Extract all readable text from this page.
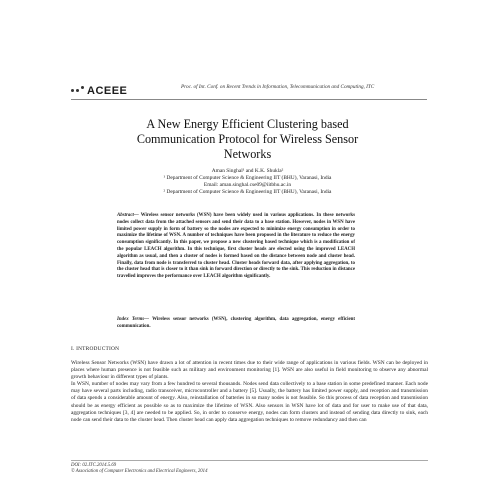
ACEEE	Proc. of Int. Conf. on Recent Trends in Information, Telecommunication and Computing, ITC
A New Energy Efficient Clustering based
Communication Protocol for Wireless Sensor
Networks
Aman Singhal¹ and K.K. Shukla²
¹ Department of Computer Science & Engineering IIT (BHU), Varanasi, India
Email: aman.singhal.cse09@iitbhu.ac.in
² Department of Computer Science & Engineering IIT (BHU), Varanasi, India
Abstract— Wireless sensor networks (WSN) have been widely used in various applications. In these networks nodes collect data from the attached sensors and send their data to a base station. However, nodes in WSN have limited power supply in form of battery so the nodes are expected to minimize energy consumption in order to maximize the lifetime of WSN. A number of techniques have been proposed in the literature to reduce the energy consumption significantly. In this paper, we propose a new clustering based technique which is a modification of the popular LEACH algorithm. In this technique, first cluster heads are elected using the improved LEACH algorithm as usual, and then a cluster of nodes is formed based on the distance between node and cluster head. Finally, data from node is transferred to cluster head. Cluster heads forward data, after applying aggregation, to the cluster head that is closer to it than sink in forward direction or directly to the sink. This reduction in distance travelled improves the performance over LEACH algorithm significantly.
Index Terms— Wireless sensor networks (WSN), clustering algorithm, data aggregation, energy efficient communication.
I. INTRODUCTION

Wireless Sensor Networks (WSN) have drawn a lot of attention in recent times due to their wide range of applications in various fields. WSN can be deployed in places where human presence is not feasible such as military and environment monitoring [1]. WSN are also useful in field monitoring to observe any abnormal growth behaviour in different types of plants.

In WSN, number of nodes may vary from a few hundred to several thousands. Nodes send data collectively to a base station in some predefined manner. Each node may have several parts including, radio transceiver, microcontroller and a battery [5]. Usually, the battery has limited power supply, and reception and transmission of data spends a considerable amount of energy. Also, reinstallation of batteries in so many nodes is not feasible. So this process of data reception and transmission should be as energy efficient as possible so as to maximize the lifetime of WSN. Also sensors in WSN have lot of data and for user to make use of that data, aggregation techniques [3, 4] are needed to be applied. So, in order to conserve energy, nodes can form clusters and instead of sending data directly to sink, each node can send their data to the cluster head. Then cluster head can apply data aggregation techniques to remove redundancy and then can

DOI: 02.ITC.2014.5.69
© Association of Computer Electronics and Electrical Engineers, 2014
